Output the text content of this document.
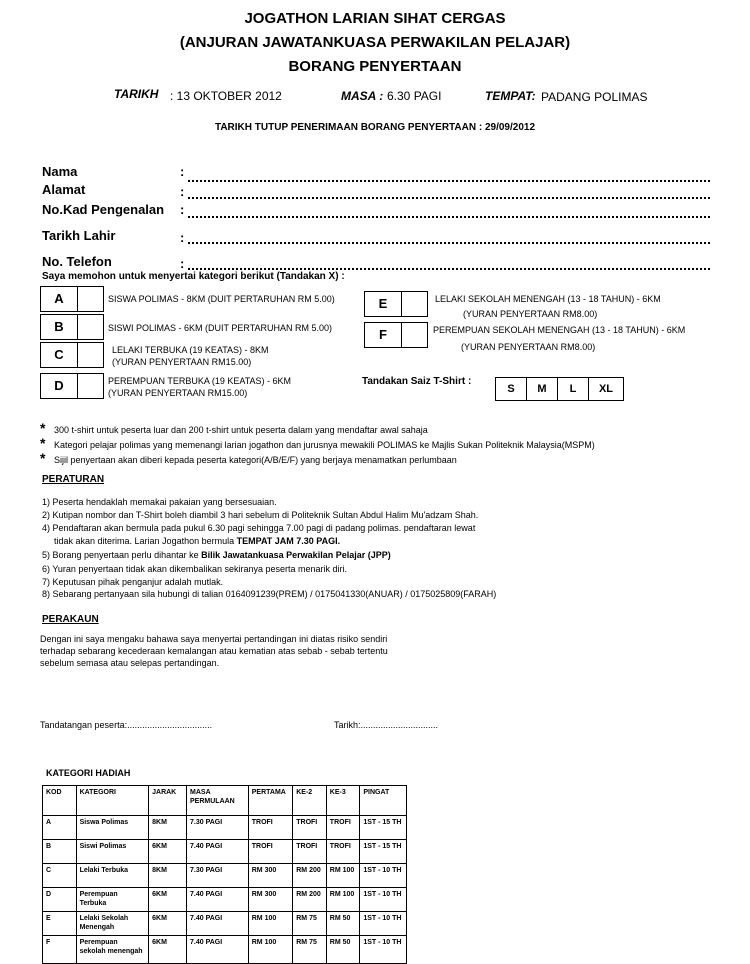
JOGATHON LARIAN SIHAT CERGAS
(ANJURAN JAWATANKUASA PERWAKILAN PELAJAR)
BORANG PENYERTAAN
TARIKH : 13 OKTOBER 2012	MASA : 6.30 PAGI	TEMPAT: PADANG POLIMAS
TARIKH TUTUP PENERIMAAN BORANG PENYERTAAN : 29/09/2012
Nama	:
Alamat	:
No.Kad Pengenalan :
Tarikh Lahir	:
No. Telefon	:
Saya memohon untuk menyertai kategori berikut (Tandakan X) :
A	SISWA POLIMAS - 8KM (DUIT PERTARUHAN RM 5.00)
B	SISWI POLIMAS - 6KM (DUIT PERTARUHAN RM 5.00)
C	LELAKI TERBUKA (19 KEATAS) - 8KM
(YURAN PENYERTAAN RM15.00)
D	PEREMPUAN TERBUKA (19 KEATAS) - 6KM
(YURAN PENYERTAAN RM15.00)
E	LELAKI SEKOLAH MENENGAH (13 - 18 TAHUN) - 6KM
(YURAN PENYERTAAN RM8.00)
F	PEREMPUAN SEKOLAH MENENGAH (13 - 18 TAHUN) - 6KM
(YURAN PENYERTAAN RM8.00)
Tandakan Saiz T-Shirt :
S	M	L	XL
* 300 t-shirt untuk peserta luar dan 200 t-shirt untuk peserta dalam yang mendaftar awal sahaja
* Kategori pelajar polimas yang memenangi larian jogathon dan jurusnya mewakili POLIMAS ke Majlis Sukan Politeknik Malaysia(MSPM)
* Sijil penyertaan akan diberi kepada peserta kategori(A/B/E/F) yang berjaya menamatkan perlumbaan
PERATURAN
1) Peserta hendaklah memakai pakaian yang bersesuaian.
2) Kutipan nombor dan T-Shirt boleh diambil 3 hari sebelum di Politeknik Sultan Abdul Halim Mu'adzam Shah.
4) Pendaftaran akan bermula pada pukul 6.30 pagi sehingga 7.00 pagi di padang polimas. pendaftaran lewat
tidak akan diterima. Larian Jogathon bermula TEMPAT JAM 7.30 PAGI.
5) Borang penyertaan perlu dihantar ke Bilik Jawatankuasa Perwakilan Pelajar (JPP)
6) Yuran penyertaan tidak akan dikembalikan sekiranya peserta menarik diri.
7) Keputusan pihak penganjur adalah mutlak.
8) Sebarang pertanyaan sila hubungi di talian 0164091239(PREM) / 0175041330(ANUAR) / 0175025809(FARAH)
PERAKAUN
Dengan ini saya mengaku bahawa saya menyertai pertandingan ini diatas risiko sendiri
terhadap sebarang kecederaan kemalangan atau kematian atas sebab - sebab tertentu
sebelum semasa atau selepas pertandingan.
Tandatangan peserta:..................................	Tarikh:...............................
KATEGORI HADIAH
KOD	KATEGORI	JARAK	MASA PERMULAAN	PERTAMA	KE-2	KE-3	PINGAT
A	Siswa Polimas	8KM	7.30 PAGI	TROFI	TROFI	TROFI	1ST - 15 TH
B	Siswi Polimas	6KM	7.40 PAGI	TROFI	TROFI	TROFI	1ST - 15 TH
C	Lelaki Terbuka	8KM	7.30 PAGI	RM 300	RM 200	RM 100	1ST - 10 TH
D	Perempuan Terbuka	6KM	7.40 PAGI	RM 300	RM 200	RM 100	1ST - 10 TH
E	Lelaki Sekolah Menengah	6KM	7.40 PAGI	RM 100	RM 75	RM 50	1ST - 10 TH
F	Perempuan sekolah menengah	6KM	7.40 PAGI	RM 100	RM 75	RM 50	1ST - 10 TH
